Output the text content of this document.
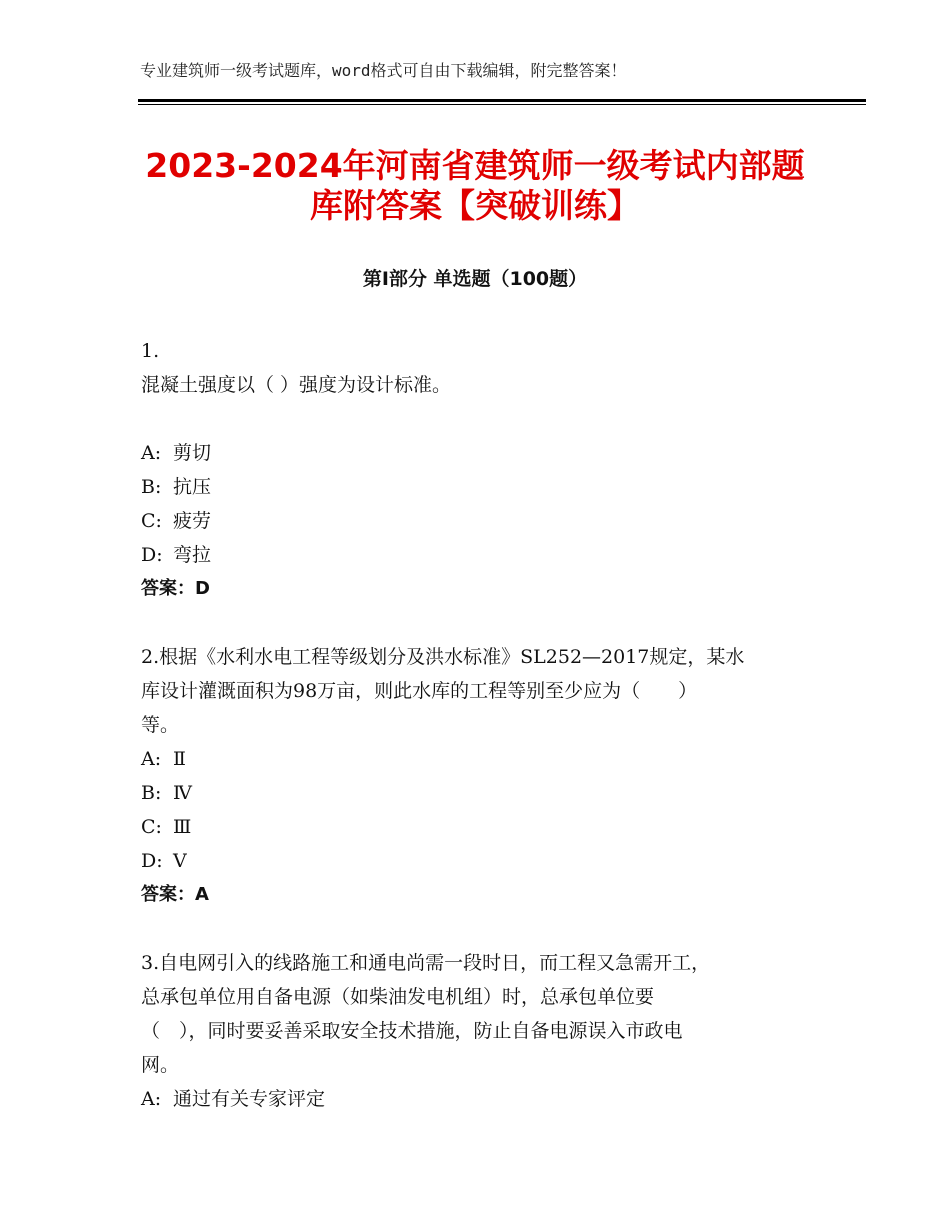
专业建筑师一级考试题库，word格式可自由下载编辑，附完整答案！
2023-2024年河南省建筑师一级考试内部题
库附答案【突破训练】
第Ⅰ部分 单选题（100题）
1.
混凝土强度以（ ）强度为设计标准。
A: 剪切
B: 抗压
C: 疲劳
D: 弯拉
答案：D
2.根据《水利水电工程等级划分及洪水标准》SL252—2017规定，某水
库设计灌溉面积为98万亩，则此水库的工程等别至少应为（　　）
等。
A: Ⅱ
B: Ⅳ
C: Ⅲ
D: Ⅴ
答案：A
3.自电网引入的线路施工和通电尚需一段时日，而工程又急需开工，
总承包单位用自备电源（如柴油发电机组）时，总承包单位要
（　），同时要妥善采取安全技术措施，防止自备电源误入市政电
网。
A: 通过有关专家评定
